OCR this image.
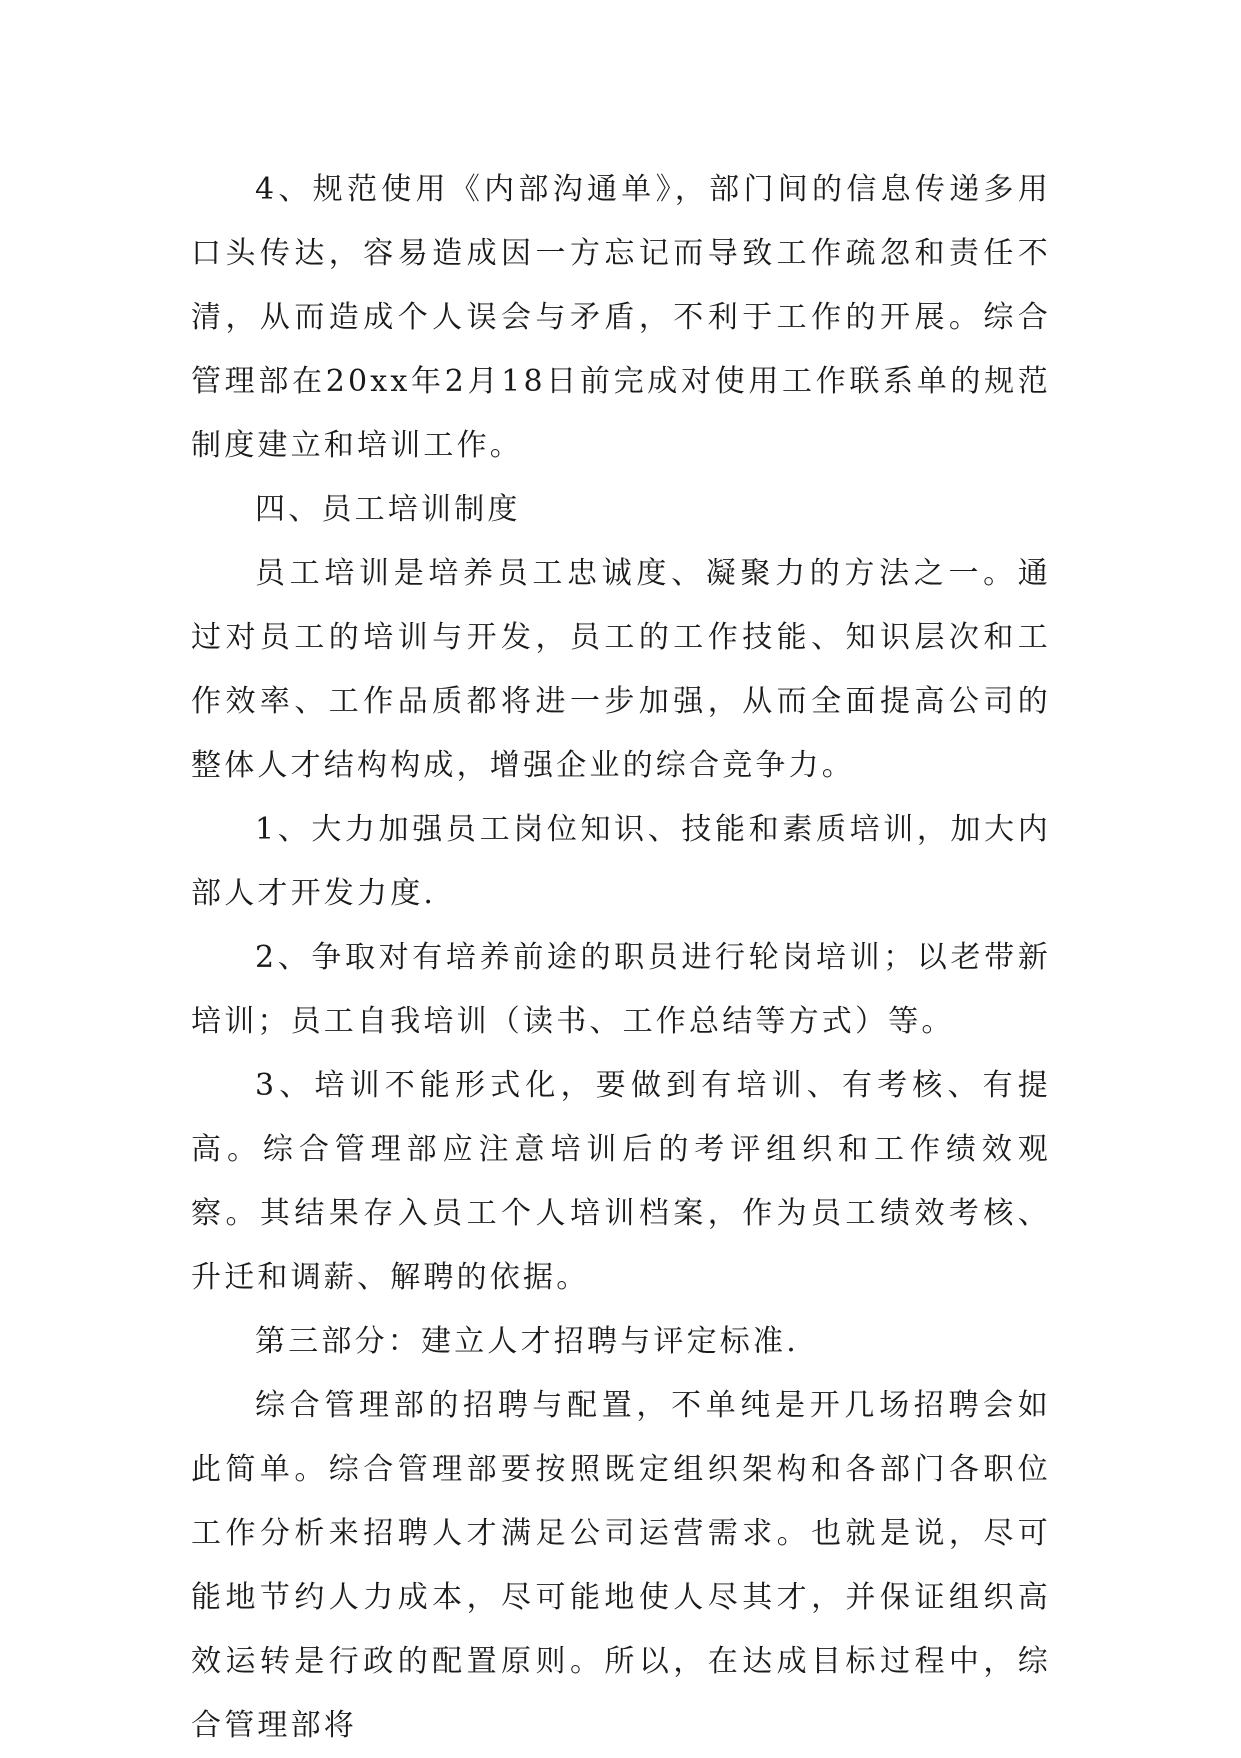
4、规范使用《内部沟通单》，部门间的信息传递多用口头传达，容易造成因一方忘记而导致工作疏忽和责任不清，从而造成个人误会与矛盾，不利于工作的开展。综合管理部在20xx年2月18日前完成对使用工作联系单的规范制度建立和培训工作。

四、员工培训制度

员工培训是培养员工忠诚度、凝聚力的方法之一。通过对员工的培训与开发，员工的工作技能、知识层次和工作效率、工作品质都将进一步加强，从而全面提高公司的整体人才结构构成，增强企业的综合竞争力。

1、大力加强员工岗位知识、技能和素质培训，加大内部人才开发力度.

2、争取对有培养前途的职员进行轮岗培训；以老带新培训；员工自我培训（读书、工作总结等方式）等。

3、培训不能形式化，要做到有培训、有考核、有提高。综合管理部应注意培训后的考评组织和工作绩效观察。其结果存入员工个人培训档案，作为员工绩效考核、升迁和调薪、解聘的依据。

第三部分：建立人才招聘与评定标准.

综合管理部的招聘与配置，不单纯是开几场招聘会如此简单。综合管理部要按照既定组织架构和各部门各职位工作分析来招聘人才满足公司运营需求。也就是说，尽可能地节约人力成本，尽可能地使人尽其才，并保证组织高效运转是行政的配置原则。所以，在达成目标过程中，综合管理部将
